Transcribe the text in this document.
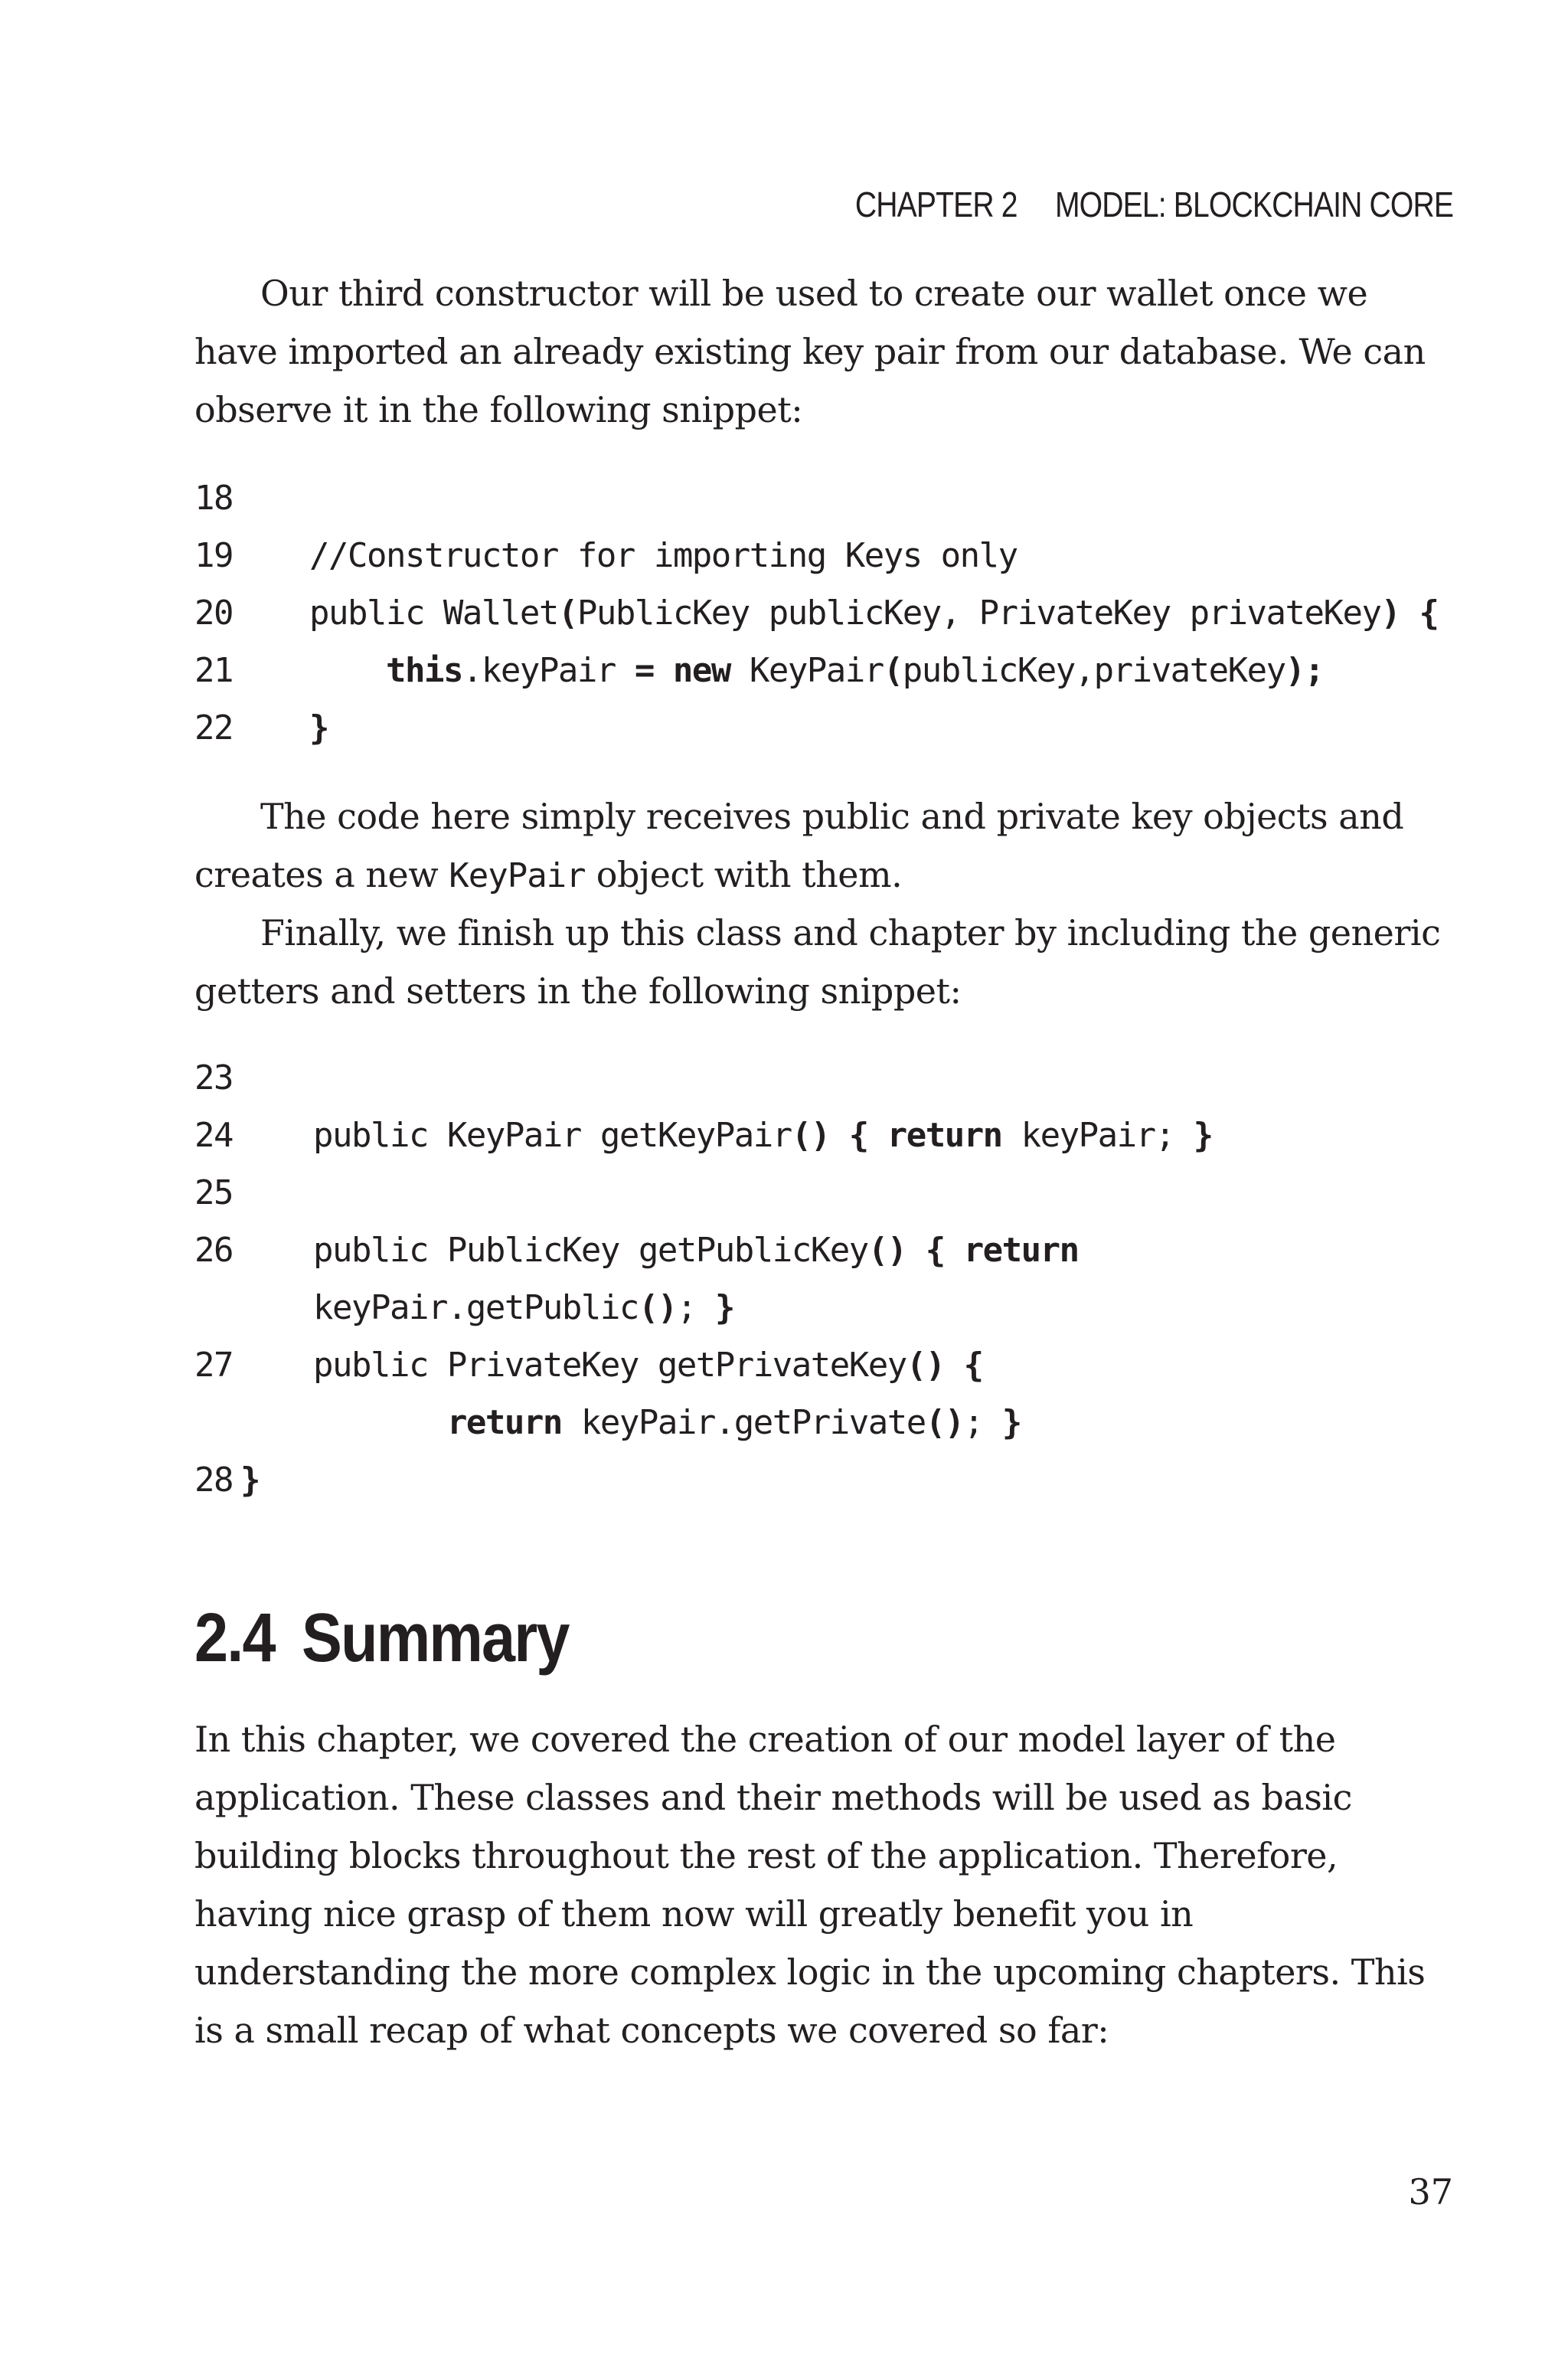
CHAPTER 2 MODEL: BLOCKCHAIN CORE

Our third constructor will be used to create our wallet once we have imported an already existing key pair from our database. We can observe it in the following snippet:

18
19 //Constructor for importing Keys only
20 public Wallet(PublicKey publicKey, PrivateKey privateKey) {
21	this.keyPair = new KeyPair(publicKey,privateKey);
22 }

The code here simply receives public and private key objects and creates a new KeyPair object with them.

Finally, we finish up this class and chapter by including the generic getters and setters in the following snippet:

23
24 public KeyPair getKeyPair() { return keyPair; }
25
26 public PublicKey getPublicKey() { return
keyPair.getPublic(); }
27 public PrivateKey getPrivateKey() {
return keyPair.getPrivate(); }
28 }
2.4 Summary

In this chapter, we covered the creation of our model layer of the application. These classes and their methods will be used as basic building blocks throughout the rest of the application. Therefore, having nice grasp of them now will greatly benefit you in understanding the more complex logic in the upcoming chapters. This is a small recap of what concepts we covered so far:

37
